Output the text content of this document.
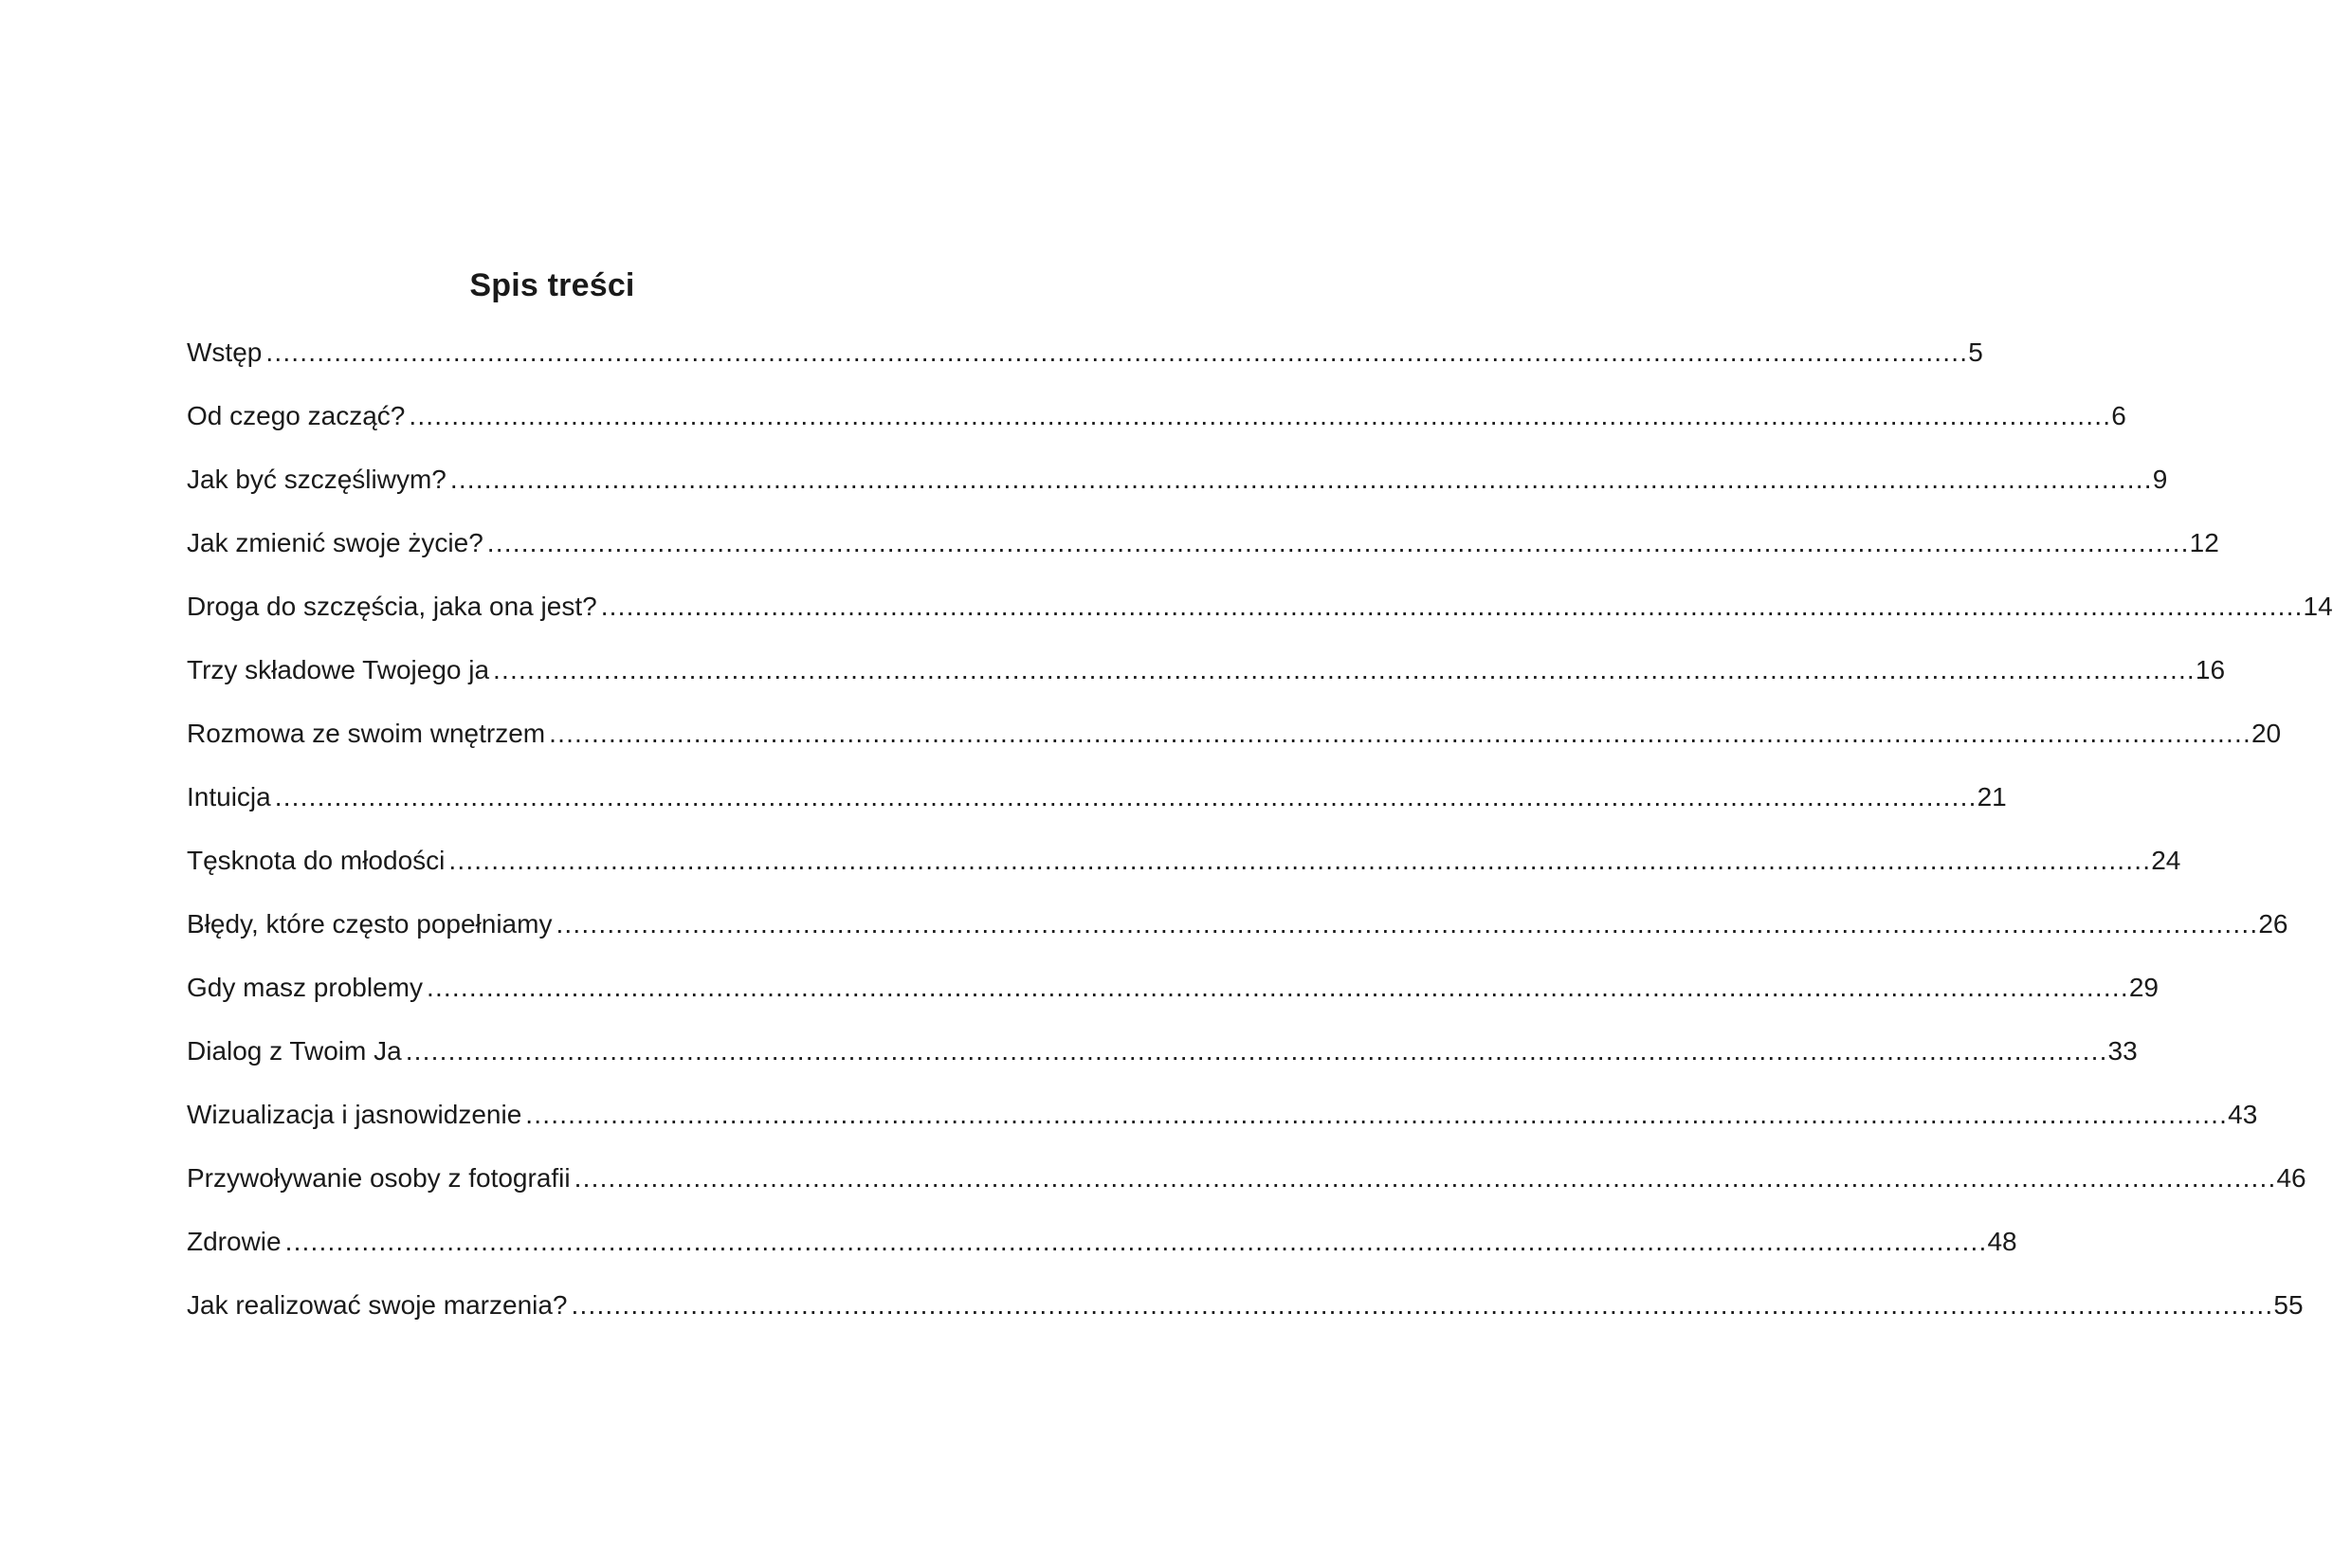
Spis treści
Wstęp ........................................................................................................................................................................................................ 5
Od czego zacząć? ........................................................................................................................................................................................................ 6
Jak być szczęśliwym? ........................................................................................................................................................................................................ 9
Jak zmienić swoje życie? ........................................................................................................................................................................................................ 12
Droga do szczęścia, jaka ona jest? ........................................................................................................................................................................................................ 14
Trzy składowe Twojego ja ........................................................................................................................................................................................................ 16
Rozmowa ze swoim wnętrzem ........................................................................................................................................................................................................ 20
Intuicja ........................................................................................................................................................................................................ 21
Tęsknota do młodości ........................................................................................................................................................................................................ 24
Błędy, które często popełniamy ........................................................................................................................................................................................................ 26
Gdy masz problemy ........................................................................................................................................................................................................ 29
Dialog z Twoim Ja ........................................................................................................................................................................................................ 33
Wizualizacja i jasnowidzenie ........................................................................................................................................................................................................ 43
Przywoływanie osoby z fotografii ........................................................................................................................................................................................................ 46
Zdrowie ........................................................................................................................................................................................................ 48
Jak realizować swoje marzenia? ........................................................................................................................................................................................................ 55
